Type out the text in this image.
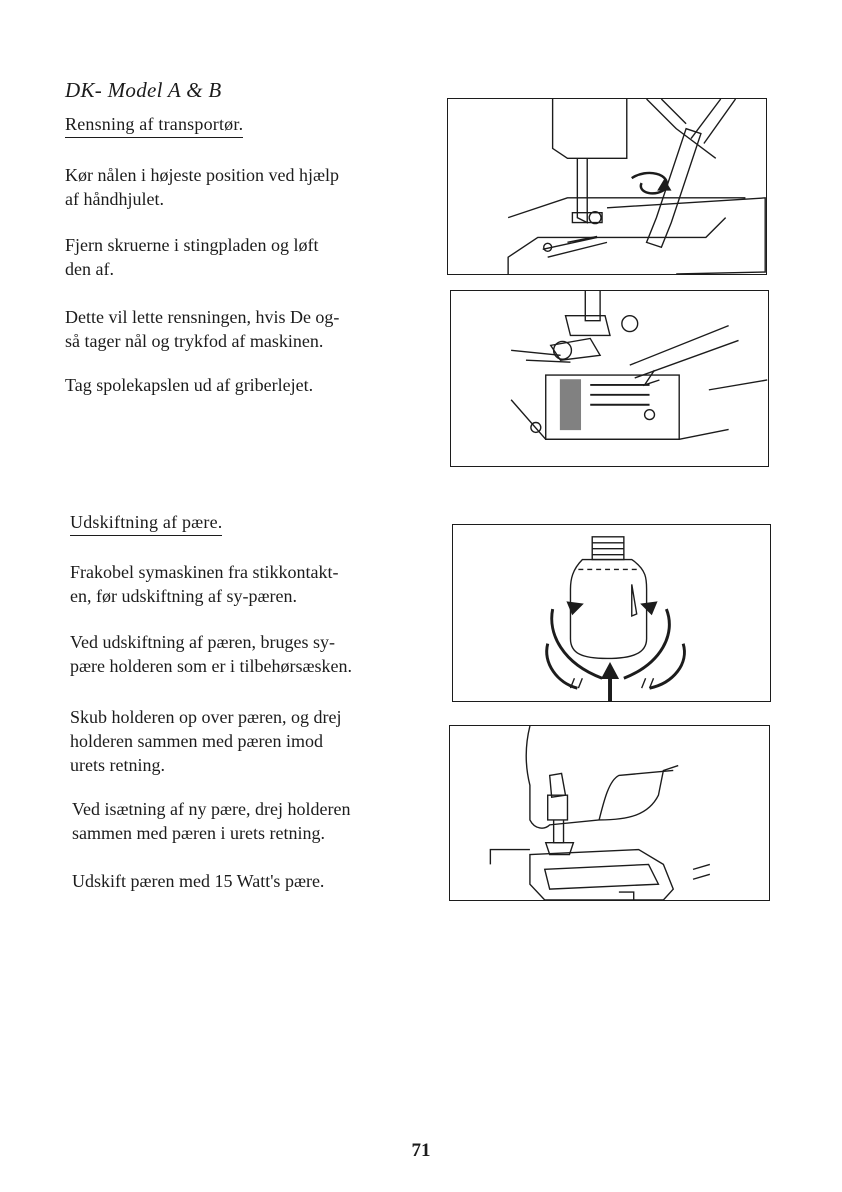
DK- Model A & B
Rensning af transportør.
Kør nålen i højeste position ved hjælp
af håndhjulet.
Fjern skruerne i stingpladen og løft
den af.
Dette vil lette rensningen, hvis De og-
så tager nål og trykfod af maskinen.
Tag spolekapslen ud af griberlejet.
Udskiftning af pære.
Frakobel symaskinen fra stikkontakt-
en, før udskiftning af sy-pæren.
Ved udskiftning af pæren, bruges sy-
pære holderen som er i tilbehørsæsken.
Skub holderen op over pæren, og drej
holderen sammen med pæren imod
urets retning.
Ved isætning af ny pære, drej holderen
sammen med pæren i urets retning.
Udskift pæren med 15 Watt's pære.
71
